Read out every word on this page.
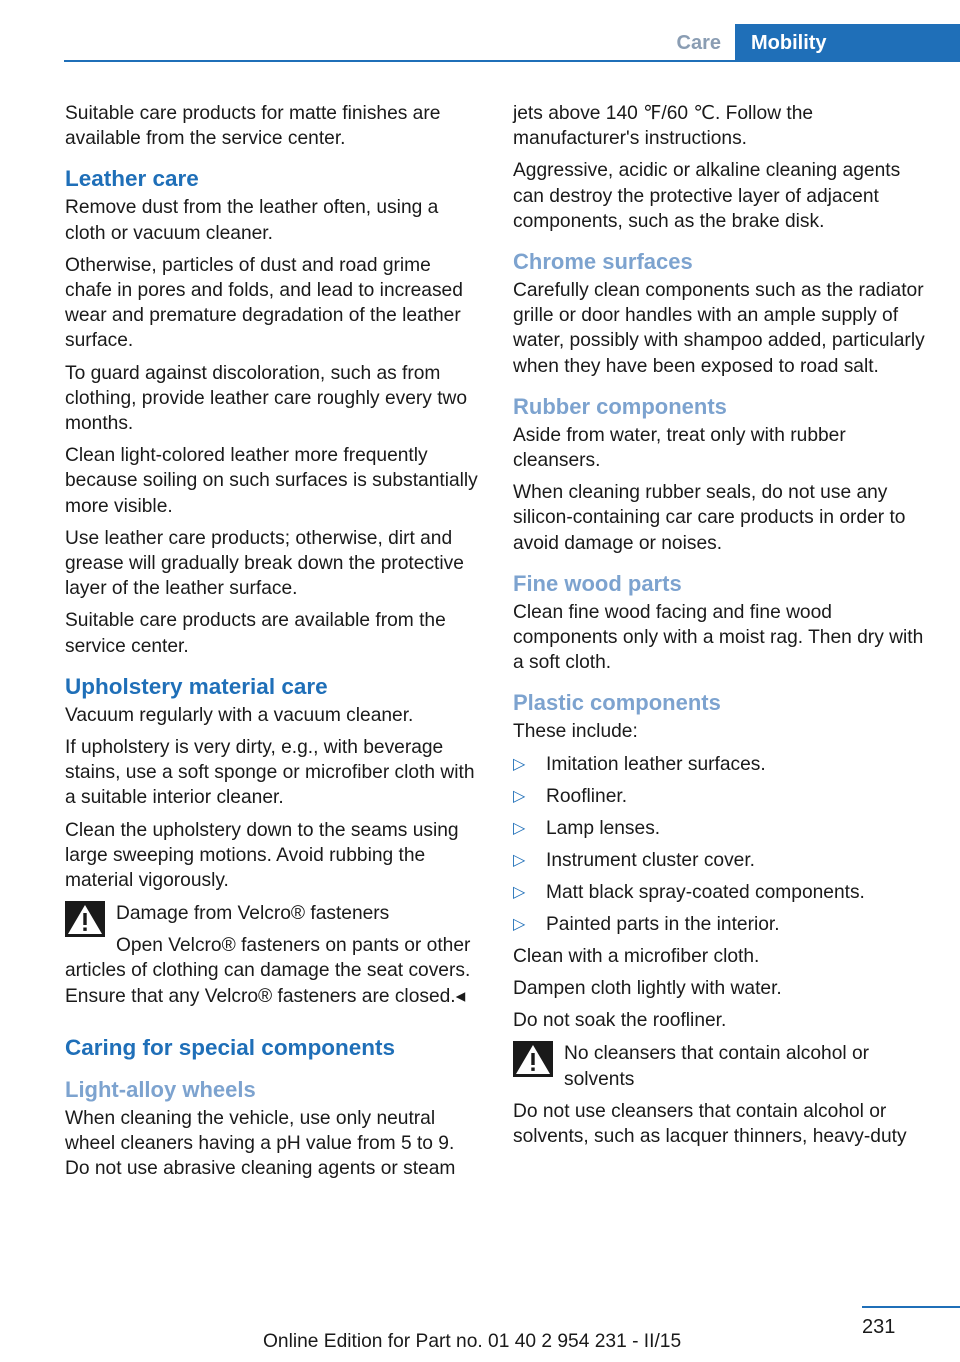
Care	Mobility

Suitable care products for matte finishes are available from the service center.

Leather care

Remove dust from the leather often, using a cloth or vacuum cleaner.

Otherwise, particles of dust and road grime chafe in pores and folds, and lead to increased wear and premature degradation of the leather surface.

To guard against discoloration, such as from clothing, provide leather care roughly every two months.

Clean light-colored leather more frequently because soiling on such surfaces is substantially more visible.

Use leather care products; otherwise, dirt and grease will gradually break down the protective layer of the leather surface.

Suitable care products are available from the service center.

Upholstery material care

Vacuum regularly with a vacuum cleaner.

If upholstery is very dirty, e.g., with beverage stains, use a soft sponge or microfiber cloth with a suitable interior cleaner.

Clean the upholstery down to the seams using large sweeping motions. Avoid rubbing the material vigorously.

Damage from Velcro® fasteners
Open Velcro® fasteners on pants or other articles of clothing can damage the seat covers. Ensure that any Velcro® fasteners are closed.◂
Caring for special components
Light-alloy wheels

When cleaning the vehicle, use only neutral wheel cleaners having a pH value from 5 to 9. Do not use abrasive cleaning agents or steam

jets above 140 ℉/60 ℃. Follow the manufacturer's instructions.

Aggressive, acidic or alkaline cleaning agents can destroy the protective layer of adjacent components, such as the brake disk.

Chrome surfaces

Carefully clean components such as the radiator grille or door handles with an ample supply of water, possibly with shampoo added, particularly when they have been exposed to road salt.

Rubber components

Aside from water, treat only with rubber cleansers.

When cleaning rubber seals, do not use any silicon-containing car care products in order to avoid damage or noises.

Fine wood parts

Clean fine wood facing and fine wood components only with a moist rag. Then dry with a soft cloth.

Plastic components

These include:

▷ Imitation leather surfaces.
▷ Roofliner.
▷ Lamp lenses.
▷ Instrument cluster cover.
▷ Matt black spray-coated components.
▷ Painted parts in the interior.

Clean with a microfiber cloth.

Dampen cloth lightly with water.

Do not soak the roofliner.

No cleansers that contain alcohol or solvents
Do not use cleansers that contain alcohol or solvents, such as lacquer thinners, heavy-duty
231
Online Edition for Part no. 01 40 2 954 231 - II/15
